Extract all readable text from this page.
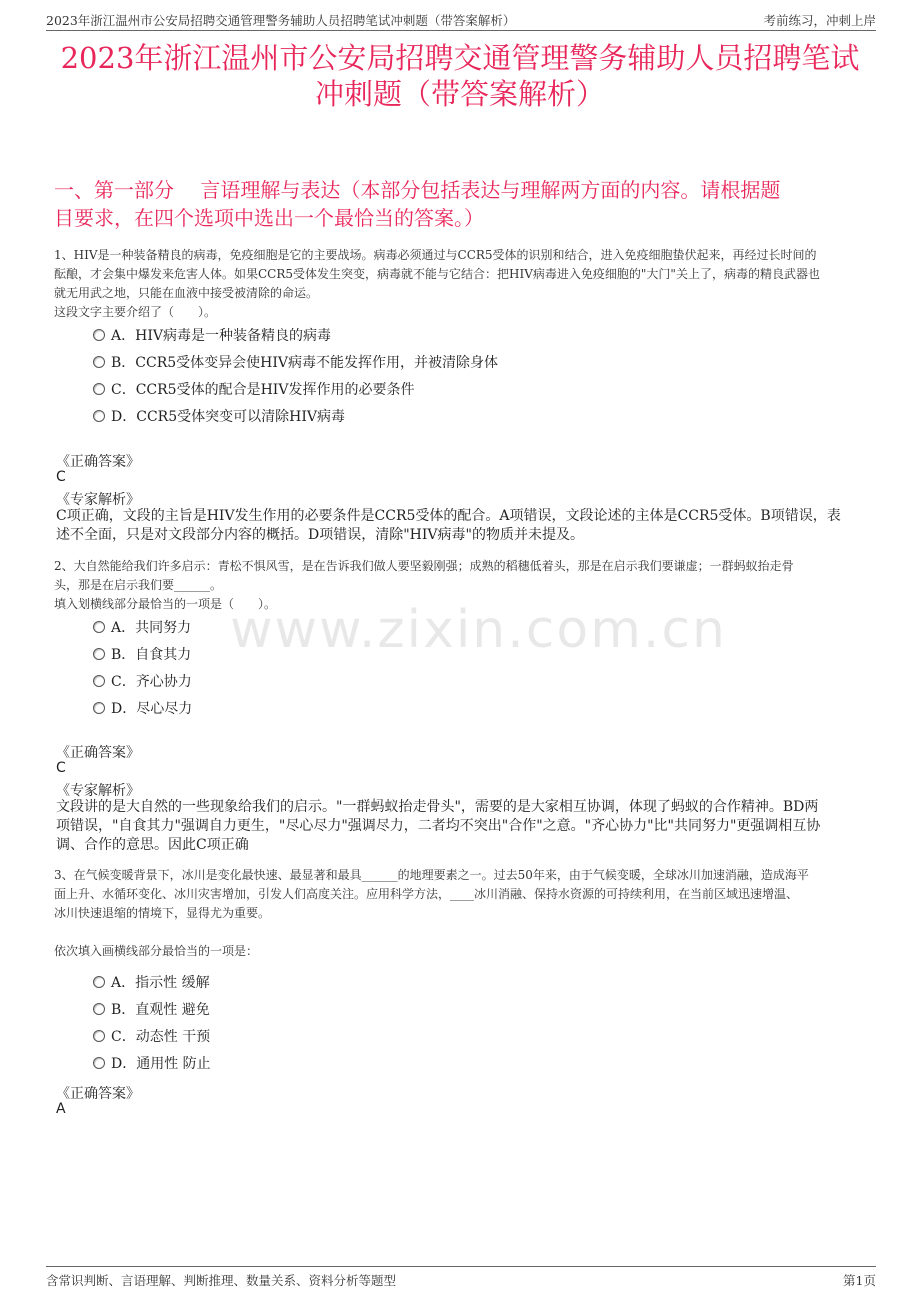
2023年浙江温州市公安局招聘交通管理警务辅助人员招聘笔试冲刺题（带答案解析）	考前练习，冲刺上岸
2023年浙江温州市公安局招聘交通管理警务辅助人员招聘笔试
冲刺题（带答案解析）
一、第一部分　 言语理解与表达（本部分包括表达与理解两方面的内容。请根据题
目要求，在四个选项中选出一个最恰当的答案。）
www.zixin.com.cn

1、HIV是一种装备精良的病毒，免疫细胞是它的主要战场。病毒必须通过与CCR5受体的识别和结合，进入免疫细胞蛰伏起来，再经过长时间的

酝酿，才会集中爆发来危害人体。如果CCR5受体发生突变，病毒就不能与它结合：把HIV病毒进入免疫细胞的"大门"关上了，病毒的精良武器也

就无用武之地，只能在血液中接受被清除的命运。

这段文字主要介绍了（　　）。

A．HIV病毒是一种装备精良的病毒
B．CCR5受体变异会使HIV病毒不能发挥作用，并被清除身体
C．CCR5受体的配合是HIV发挥作用的必要条件
D．CCR5受体突变可以清除HIV病毒
《正确答案》
C
《专家解析》
C项正确，文段的主旨是HIV发生作用的必要条件是CCR5受体的配合。A项错误，文段论述的主体是CCR5受体。B项错误，表
述不全面，只是对文段部分内容的概括。D项错误，清除"HIV病毒"的物质并未提及。

2、大自然能给我们许多启示：青松不惧风雪，是在告诉我们做人要坚毅刚强；成熟的稻穗低着头，那是在启示我们要谦虚；一群蚂蚁抬走骨

头，那是在启示我们要______。

填入划横线部分最恰当的一项是（　　）。

A．共同努力
B．自食其力
C．齐心协力
D．尽心尽力
《正确答案》
C
《专家解析》
文段讲的是大自然的一些现象给我们的启示。"一群蚂蚁抬走骨头"，需要的是大家相互协调，体现了蚂蚁的合作精神。BD两
项错误，"自食其力"强调自力更生，"尽心尽力"强调尽力，二者均不突出"合作"之意。"齐心协力"比"共同努力"更强调相互协
调、合作的意思。因此C项正确

3、在气候变暖背景下，冰川是变化最快速、最显著和最具______的地理要素之一。过去50年来，由于气候变暖，全球冰川加速消融，造成海平

面上升、水循环变化、冰川灾害增加，引发人们高度关注。应用科学方法，____冰川消融、保持水资源的可持续利用，在当前区域迅速增温、

冰川快速退缩的情境下，显得尤为重要。

依次填入画横线部分最恰当的一项是：

A．指示性 缓解
B．直观性 避免
C．动态性 干预
D．通用性 防止
《正确答案》
A
含常识判断、言语理解、判断推理、数量关系、资料分析等题型	第1页
